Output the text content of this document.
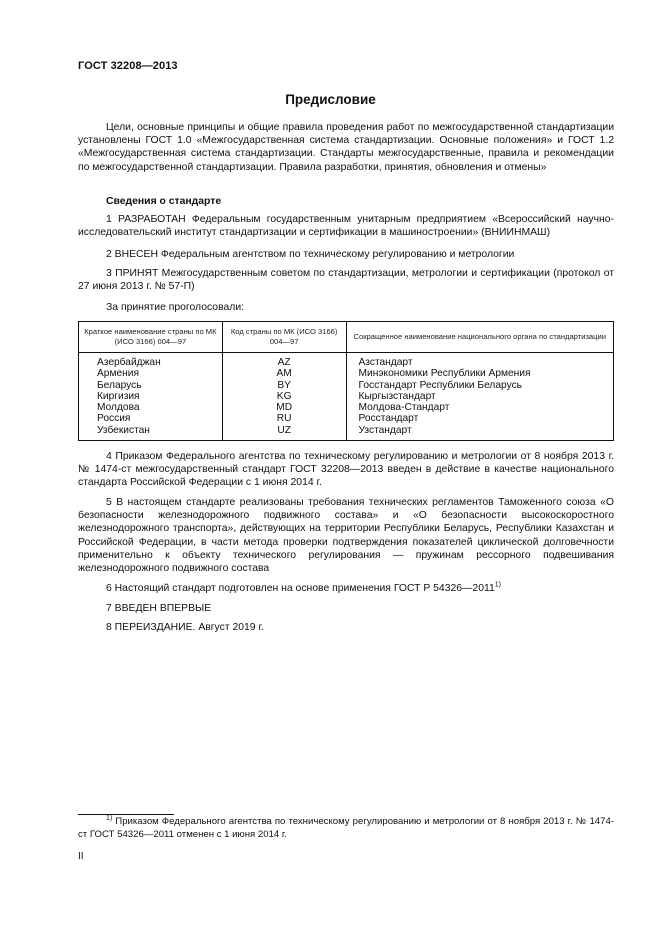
ГОСТ 32208—2013
Предисловие

Цели, основные принципы и общие правила проведения работ по межгосударственной стандартизации установлены ГОСТ 1.0 «Межгосударственная система стандартизации. Основные положения» и ГОСТ 1.2 «Межгосударственная система стандартизации. Стандарты межгосударственные, правила и рекомендации по межгосударственной стандартизации. Правила разработки, принятия, обновления и отмены»

Сведения о стандарте

1 РАЗРАБОТАН Федеральным государственным унитарным предприятием «Всероссийский научно-исследовательский институт стандартизации и сертификации в машиностроении» (ВНИИНМАШ)

2 ВНЕСЕН Федеральным агентством по техническому регулированию и метрологии

3 ПРИНЯТ Межгосударственным советом по стандартизации, метрологии и сертификации (протокол от 27 июня 2013 г. № 57-П)

За принятие проголосовали:

Краткое наименование страны по МК (ИСО 3166) 004—97	Код страны по МК (ИСО 3166) 004—97	Сокращенное наименование национального органа по стандартизации
Азербайджан	AZ	Азстандарт
Армения	AM	Минэкономики Республики Армения
Беларусь	BY	Госстандарт Республики Беларусь
Киргизия	KG	Кыргызстандарт
Молдова	MD	Молдова-Стандарт
Россия	RU	Росстандарт
Узбекистан	UZ	Узстандарт

4 Приказом Федерального агентства по техническому регулированию и метрологии от 8 ноября 2013 г. № 1474-ст межгосударственный стандарт ГОСТ 32208—2013 введен в действие в качестве национального стандарта Российской Федерации с 1 июня 2014 г.

5 В настоящем стандарте реализованы требования технических регламентов Таможенного союза «О безопасности железнодорожного подвижного состава» и «О безопасности высокоскоростного железнодорожного транспорта», действующих на территории Республики Беларусь, Республики Казахстан и Российской Федерации, в части метода проверки подтверждения показателей циклической долговечности применительно к объекту технического регулирования — пружинам рессорного подвешивания железнодорожного подвижного состава

6 Настоящий стандарт подготовлен на основе применения ГОСТ Р 54326—2011$^{1)}$

7 ВВЕДЕН ВПЕРВЫЕ

8 ПЕРЕИЗДАНИЕ. Август 2019 г.

$^{1)}$ Приказом Федерального агентства по техническому регулированию и метрологии от 8 ноября 2013 г. № 1474-ст ГОСТ 54326—2011 отменен с 1 июня 2014 г.

II
